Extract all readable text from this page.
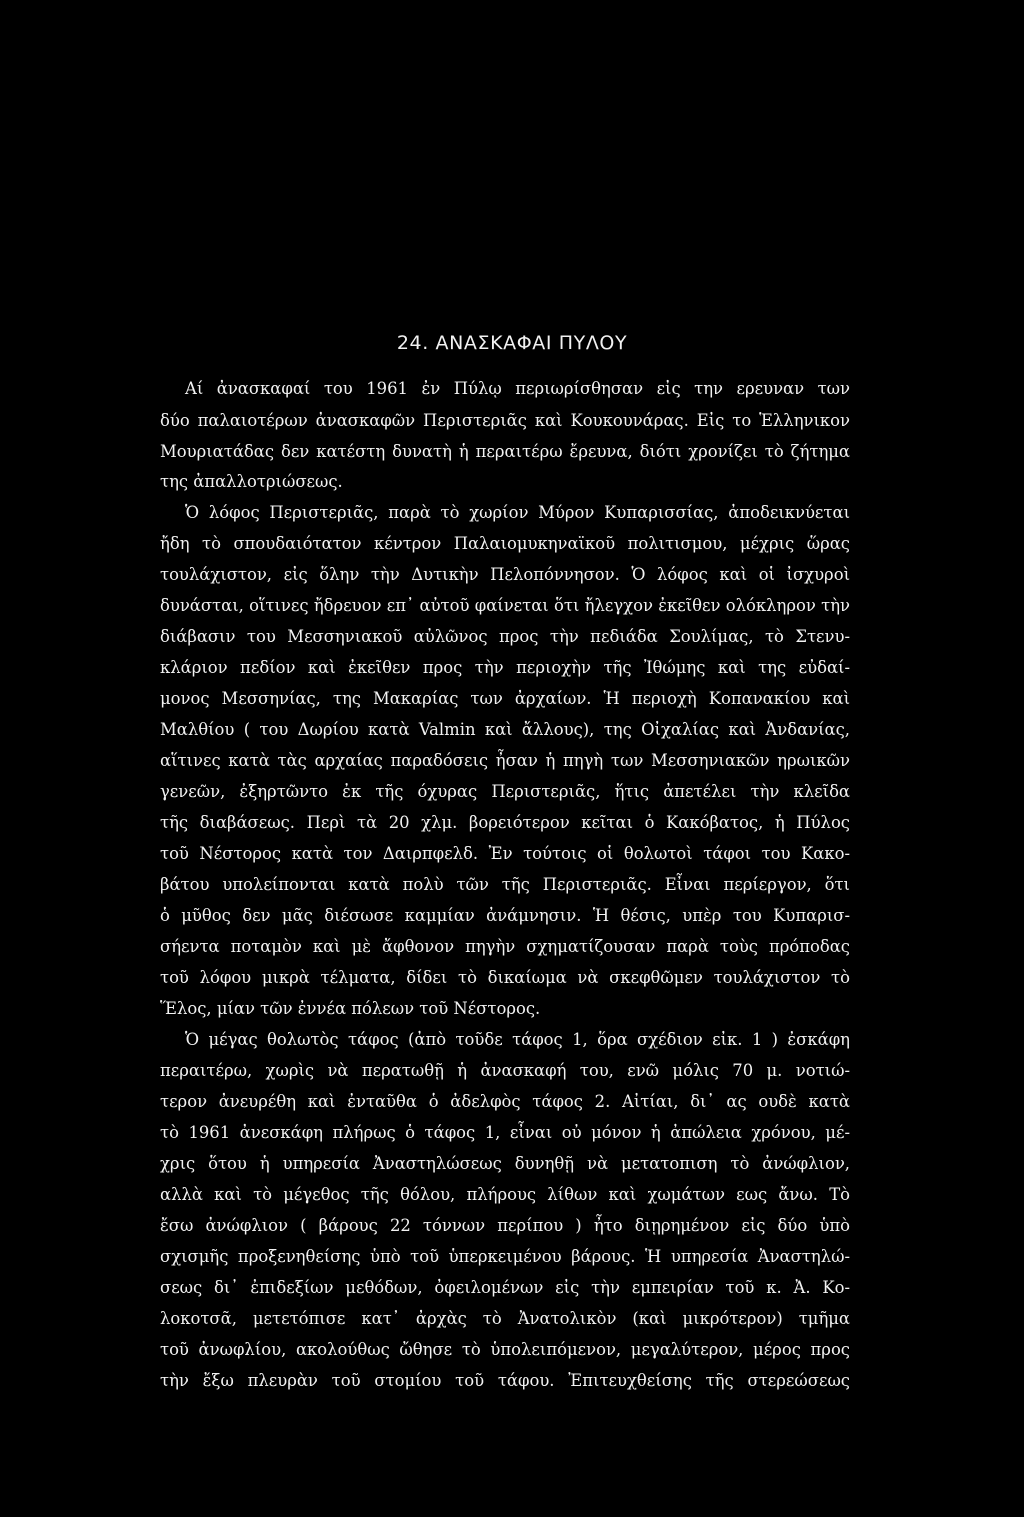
24. ΑΝΑΣΚΑΦΑΙ ΠΥΛΟΥ

Αί ἀνασκαφαί του 1961 ἐν Πύλῳ περιωρίσθησαν εἰς την ερευναν των

δύο παλαιοτέρων ἀνασκαφῶν Περιστεριᾶς καὶ Κουκουνάρας. Εἰς το Ἑλληνικον

Μουριατάδας δεν κατέστη δυνατὴ ἡ περαιτέρω ἔρευνα, διότι χρονίζει τὸ ζήτημα

της ἀπαλλοτριώσεως.

Ὁ λόφος Περιστεριᾶς, παρὰ τὸ χωρίον Μύρον Κυπαρισσίας, ἀποδεικνύεται

ἤδη τὸ σπουδαιότατον κέντρον Παλαιομυκηναϊκοῦ πολιτισμου, μέχρις ὥρας

τουλάχιστον, εἰς ὅλην τὴν Δυτικὴν Πελοπόννησον. Ὁ λόφος καὶ οἱ ἰσχυροὶ

δυνάσται, οἵτινες ἤδρευον επ᾽ αὐτοῦ φαίνεται ὅτι ἤλεγχον ἐκεῖθεν ολόκληρον τὴν

διάβασιν του Μεσσηνιακοῦ αὐλῶνος προς τὴν πεδιάδα Σουλίμας, τὸ Στενυ-

κλάριον πεδίον καὶ ἐκεῖθεν προς τὴν περιοχὴν τῆς Ἰθώμης καὶ της εὐδαί-

μονος Μεσσηνίας, της Μακαρίας των ἀρχαίων. Ἡ περιοχὴ Κοπανακίου καὶ

Μαλθίου ( του Δωρίου κατὰ Valmin καὶ ἄλλους), της Οἰχαλίας καὶ Ἀνδανίας,

αἵτινες κατὰ τὰς αρχαίας παραδόσεις ἦσαν ἡ πηγὴ των Μεσσηνιακῶν ηρωικῶν

γενεῶν, ἐξηρτῶντο ἐκ τῆς όχυρας Περιστεριᾶς, ἥτις ἀπετέλει τὴν κλεῖδα

τῆς διαβάσεως. Περὶ τὰ 20 χλμ. βορειότερον κεῖται ὁ Κακόβατος, ἡ Πύλος

τοῦ Νέστορος κατὰ τον Δαιρπφελδ. Ἐν τούτοις οἱ θολωτοὶ τάφοι του Κακο-

βάτου υπολείπονται κατὰ πολὺ τῶν τῆς Περιστεριᾶς. Εἶναι περίεργον, ὅτι

ὁ μῦθος δεν μᾶς διέσωσε καμμίαν ἀνάμνησιν. Ἡ θέσις, υπὲρ του Κυπαρισ-

σήεντα ποταμὸν καὶ μὲ ἄφθονον πηγὴν σχηματίζουσαν παρὰ τοὺς πρόποδας

τοῦ λόφου μικρὰ τέλματα, δίδει τὸ δικαίωμα νὰ σκεφθῶμεν τουλάχιστον τὸ

Ἕλος, μίαν τῶν ἐννέα πόλεων τοῦ Νέστορος.

Ὁ μέγας θολωτὸς τάφος (ἀπὸ τοῦδε τάφος 1, ὅρα σχέδιον εἰκ. 1 ) ἐσκάφη

περαιτέρω, χωρὶς νὰ περατωθῇ ἡ ἀνασκαφή του, ενῶ μόλις 70 μ. νοτιώ-

τερον ἀνευρέθη καὶ ἐνταῦθα ὁ ἀδελφὸς τάφος 2. Αἰτίαι, δι᾽ ας ουδὲ κατὰ

τὸ 1961 ἀνεσκάφη πλήρως ὁ τάφος 1, εἶναι οὐ μόνον ἡ ἀπώλεια χρόνου, μέ-

χρις ὅτου ἡ υπηρεσία Ἀναστηλώσεως δυνηθῇ νὰ μετατοπιση τὸ ἀνώφλιον,

αλλὰ καὶ τὸ μέγεθος τῆς θόλου, πλήρους λίθων καὶ χωμάτων εως ἄνω. Τὸ

ἔσω ἀνώφλιον ( βάρους 22 τόννων περίπου ) ἦτο διῃρημένον εἰς δύο ὑπὸ

σχισμῆς προξενηθείσης ὑπὸ τοῦ ὑπερκειμένου βάρους. Ἡ υπηρεσία Ἀναστηλώ-

σεως δι᾽ ἐπιδεξίων μεθόδων, ὀφειλομένων εἰς τὴν εμπειρίαν τοῦ κ. Ἀ. Κο-

λοκοτσᾶ, μετετόπισε κατ᾽ ἀρχὰς τὸ Ἀνατολικὸν (καὶ μικρότερον) τμῆμα

τοῦ ἀνωφλίου, ακολούθως ὤθησε τὸ ὑπολειπόμενον, μεγαλύτερον, μέρος προς

τὴν ἔξω πλευρὰν τοῦ στομίου τοῦ τάφου. Ἐπιτευχθείσης τῆς στερεώσεως
